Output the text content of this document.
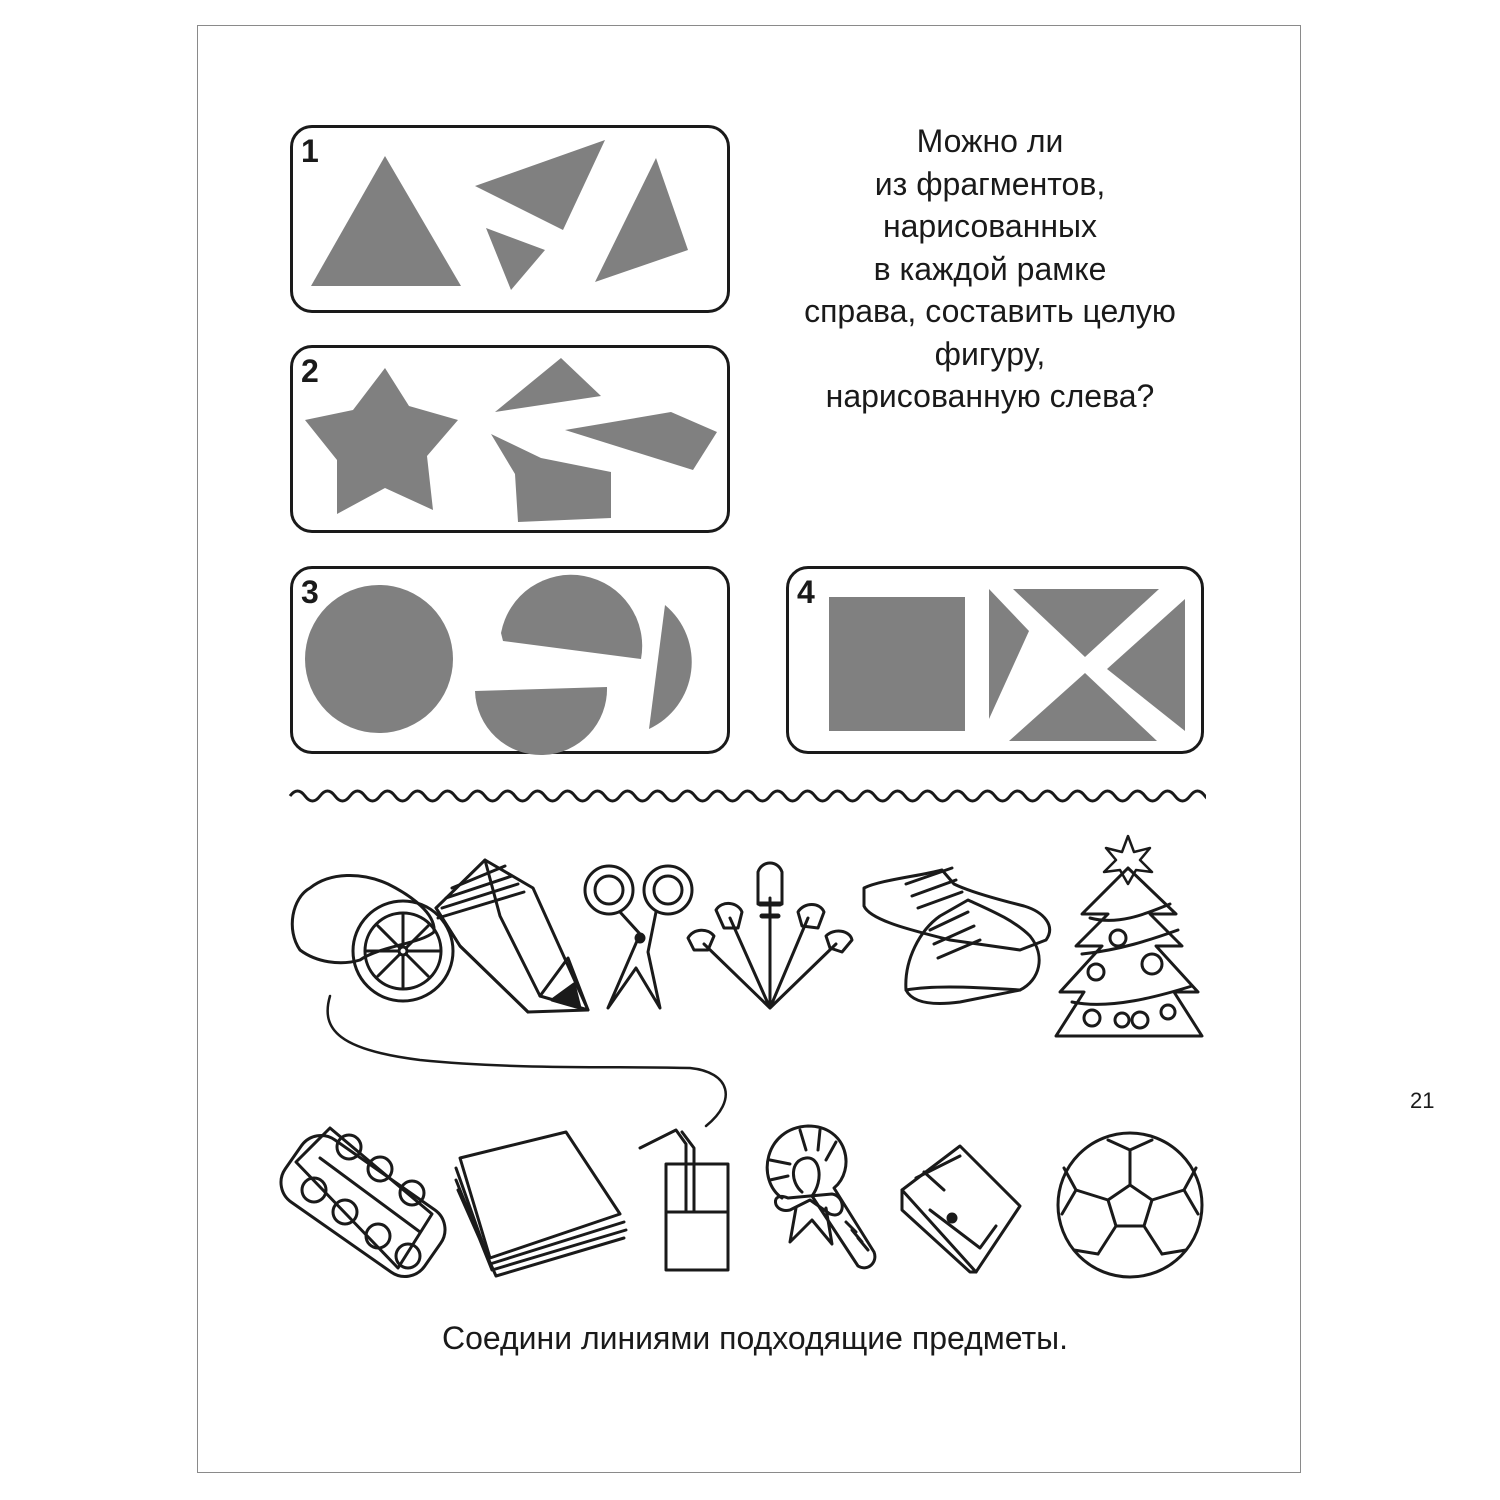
21
1
2
3	4
Можно ли
из фрагментов,
нарисованных
в каждой рамке
справа, составить целую
фигуру,
нарисованную слева?
Соедини линиями подходящие предметы.
